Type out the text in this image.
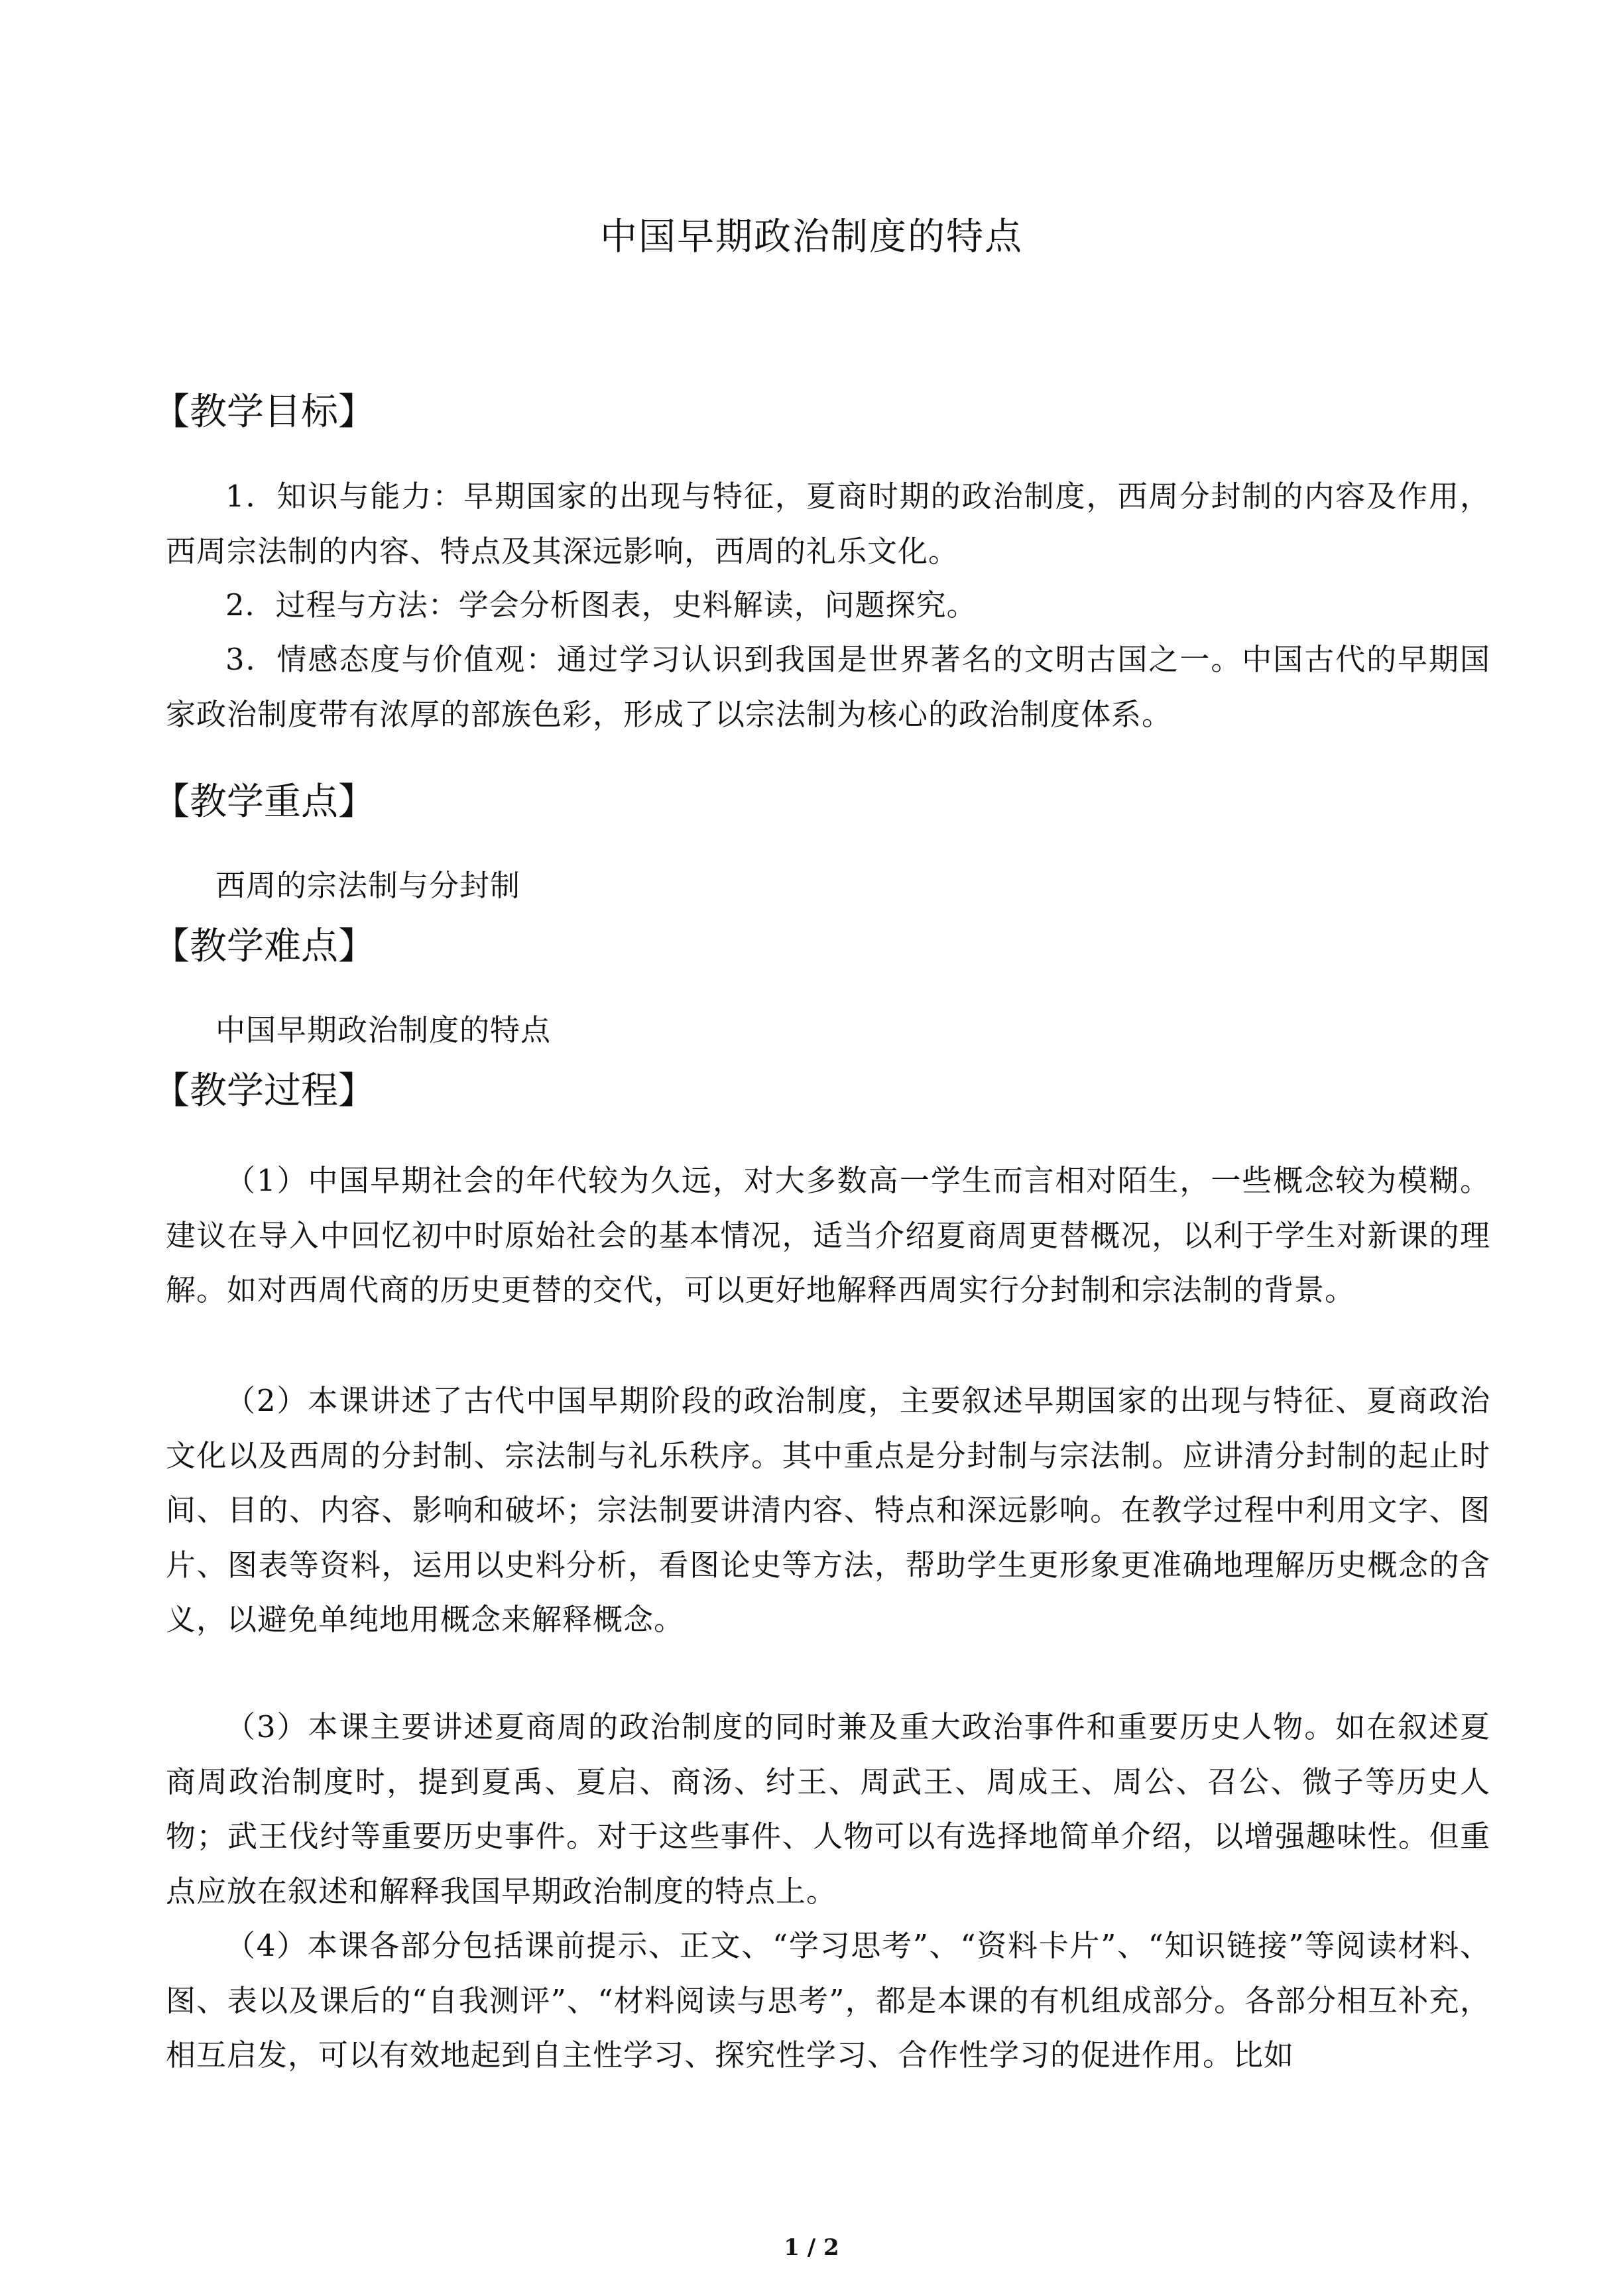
中国早期政治制度的特点
【教学目标】
1．知识与能力：早期国家的出现与特征，夏商时期的政治制度，西周分封制的内容及作用，西周宗法制的内容、特点及其深远影响，西周的礼乐文化。
2．过程与方法：学会分析图表，史料解读，问题探究。
3．情感态度与价值观：通过学习认识到我国是世界著名的文明古国之一。中国古代的早期国家政治制度带有浓厚的部族色彩，形成了以宗法制为核心的政治制度体系。
【教学重点】
西周的宗法制与分封制
【教学难点】
中国早期政治制度的特点
【教学过程】
（1）中国早期社会的年代较为久远，对大多数高一学生而言相对陌生，一些概念较为模糊。建议在导入中回忆初中时原始社会的基本情况，适当介绍夏商周更替概况，以利于学生对新课的理解。如对西周代商的历史更替的交代，可以更好地解释西周实行分封制和宗法制的背景。
（2）本课讲述了古代中国早期阶段的政治制度，主要叙述早期国家的出现与特征、夏商政治文化以及西周的分封制、宗法制与礼乐秩序。其中重点是分封制与宗法制。应讲清分封制的起止时间、目的、内容、影响和破坏；宗法制要讲清内容、特点和深远影响。在教学过程中利用文字、图片、图表等资料，运用以史料分析，看图论史等方法，帮助学生更形象更准确地理解历史概念的含义，以避免单纯地用概念来解释概念。
（3）本课主要讲述夏商周的政治制度的同时兼及重大政治事件和重要历史人物。如在叙述夏商周政治制度时，提到夏禹、夏启、商汤、纣王、周武王、周成王、周公、召公、微子等历史人物；武王伐纣等重要历史事件。对于这些事件、人物可以有选择地简单介绍，以增强趣味性。但重点应放在叙述和解释我国早期政治制度的特点上。
（4）本课各部分包括课前提示、正文、“学习思考”、“资料卡片”、“知识链接”等阅读材料、图、表以及课后的“自我测评”、“材料阅读与思考”，都是本课的有机组成部分。各部分相互补充，相互启发，可以有效地起到自主性学习、探究性学习、合作性学习的促进作用。比如
1 / 2
